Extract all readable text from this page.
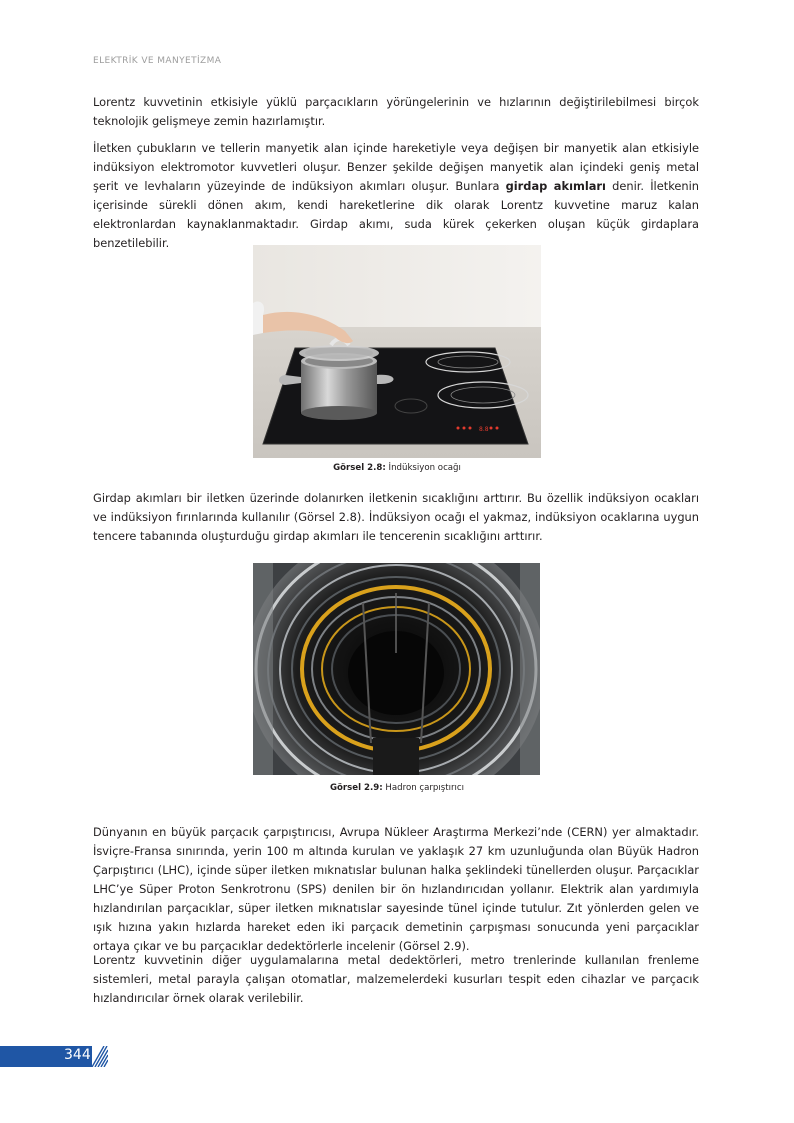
ELEKTRİK VE MANYETİZMA

Lorentz kuvvetinin etkisiyle yüklü parçacıkların yörüngelerinin ve hızlarının değiştirilebilmesi birçok teknolojik gelişmeye zemin hazırlamıştır.

İletken çubukların ve tellerin manyetik alan içinde hareketiyle veya değişen bir manyetik alan etkisiyle indüksiyon elektromotor kuvvetleri oluşur. Benzer şekilde değişen manyetik alan içindeki geniş metal şerit ve levhaların yüzeyinde de indüksiyon akımları oluşur. Bunlara girdap akımları denir. İletkenin içerisinde sürekli dönen akım, kendi hareketlerine dik olarak Lorentz kuvvetine maruz kalan elektronlardan kaynaklanmaktadır. Girdap akımı, suda kürek çekerken oluşan küçük girdaplara benzetilebilir.

8.8
Görsel 2.8: İndüksiyon ocağı

Girdap akımları bir iletken üzerinde dolanırken iletkenin sıcaklığını arttırır. Bu özellik indüksiyon ocakları ve indüksiyon fırınlarında kullanılır (Görsel 2.8). İndüksiyon ocağı el yakmaz, indüksiyon ocaklarına uygun tencere tabanında oluşturduğu girdap akımları ile tencerenin sıcaklığını arttırır.

Görsel 2.9: Hadron çarpıştırıcı

Dünyanın en büyük parçacık çarpıştırıcısı, Avrupa Nükleer Araştırma Merkezi’nde (CERN) yer almaktadır. İsviçre-Fransa sınırında, yerin 100 m altında kurulan ve yaklaşık 27 km uzunluğunda olan Büyük Hadron Çarpıştırıcı (LHC), içinde süper iletken mıknatıslar bulunan halka şeklindeki tünellerden oluşur. Parçacıklar LHC’ye Süper Proton Senkrotronu (SPS) denilen bir ön hızlandırıcıdan yollanır. Elektrik alan yardımıyla hızlandırılan parçacıklar, süper iletken mıknatıslar sayesinde tünel içinde tutulur. Zıt yönlerden gelen ve ışık hızına yakın hızlarda hareket eden iki parçacık demetinin çarpışması sonucunda yeni parçacıklar ortaya çıkar ve bu parçacıklar dedektörlerle incelenir (Görsel 2.9).

Lorentz kuvvetinin diğer uygulamalarına metal dedektörleri, metro trenlerinde kullanılan frenleme sistemleri, metal parayla çalışan otomatlar, malzemelerdeki kusurları tespit eden cihazlar ve parçacık hızlandırıcılar örnek olarak verilebilir.

344
